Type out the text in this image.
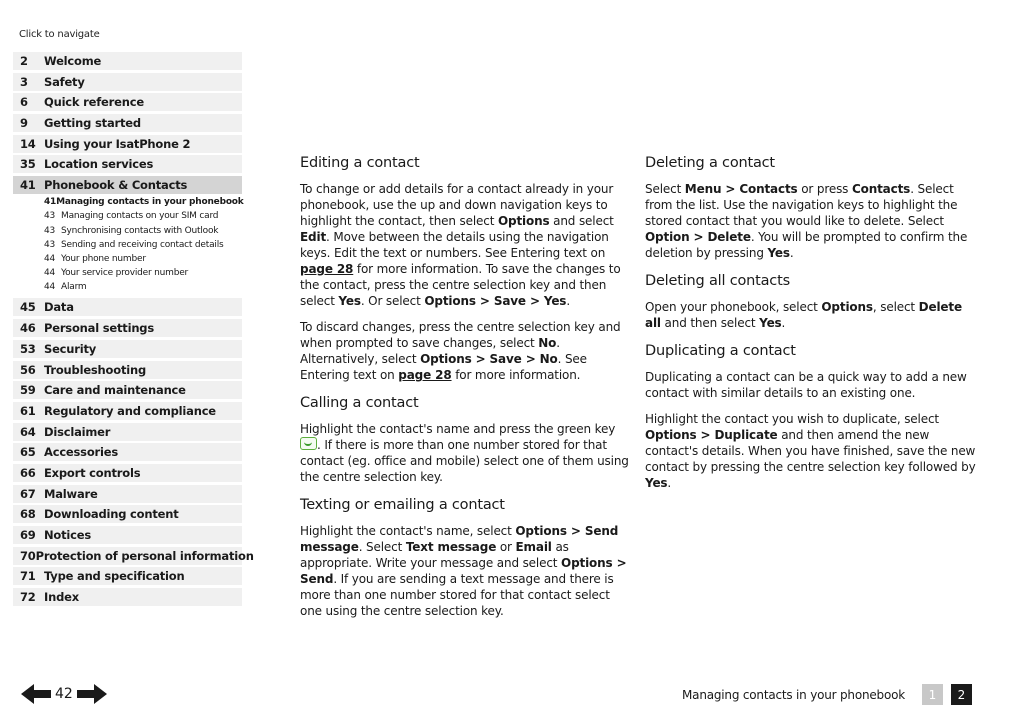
Click to navigate
2	Welcome
3	Safety
6	Quick reference
9	Getting started
14 Using your IsatPhone 2
35 Location services
41 Phonebook & Contacts
41 Managing contacts in your phonebook
43 Managing contacts on your SIM card
43 Synchronising contacts with Outlook
43 Sending and receiving contact details
44 Your phone number
44 Your service provider number
44 Alarm
45 Data
46 Personal settings
53 Security
56 Troubleshooting
59 Care and maintenance
61 Regulatory and compliance
64 Disclaimer
65 Accessories
66 Export controls
67 Malware
68 Downloading content
69 Notices
70 Protection of personal information
71 Type and specification
72 Index
Editing a contact

To change or add details for a contact already in your phonebook, use the up and down navigation keys to highlight the contact, then select Options and select Edit. Move between the details using the navigation keys. Edit the text or numbers. See Entering text on page 28 for more information. To save the changes to the contact, press the centre selection key and then select Yes. Or select Options > Save > Yes.

To discard changes, press the centre selection key and when prompted to save changes, select No. Alternatively, select Options > Save > No. See Entering text on page 28 for more information.

Calling a contact

Highlight the contact's name and press the green key . If there is more than one number stored for that contact (eg. office and mobile) select one of them using the centre selection key.

Texting or emailing a contact

Highlight the contact's name, select Options > Send message. Select Text message or Email as appropriate. Write your message and select Options > Send. If you are sending a text message and there is more than one number stored for that contact select one using the centre selection key.

Deleting a contact

Select Menu > Contacts or press Contacts. Select from the list. Use the navigation keys to highlight the stored contact that you would like to delete. Select Option > Delete. You will be prompted to confirm the deletion by pressing Yes.

Deleting all contacts

Open your phonebook, select Options, select Delete all and then select Yes.

Duplicating a contact

Duplicating a contact can be a quick way to add a new contact with similar details to an existing one.

Highlight the contact you wish to duplicate, select Options > Duplicate and then amend the new contact's details. When you have finished, save the new contact by pressing the centre selection key followed by Yes.

42	Managing contacts in your phonebook	1	2
